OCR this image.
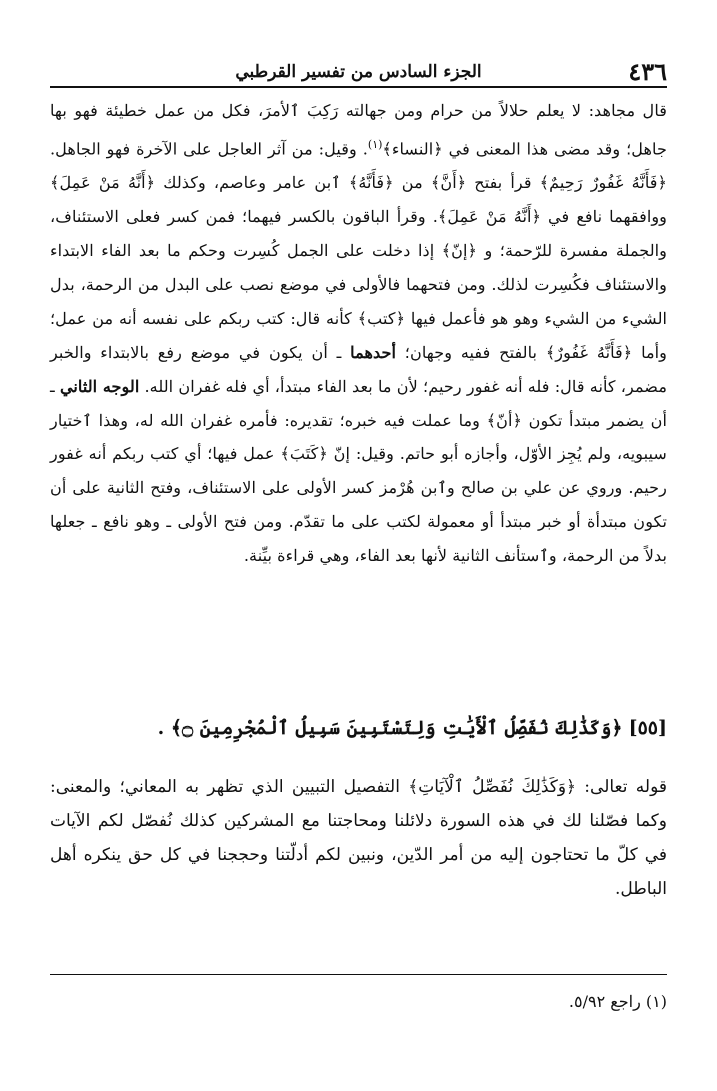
٤٣٦
الجزء السادس من تفسير القرطبي

قال مجاهد: لا يعلم حلالاً من حرام ومن جهالته رَكِبَ ٱلأمرَ، فكل من عمل خطيئة فهو بها جاهل؛ وقد مضى هذا المعنى في ﴿النساء﴾$^{(١)}$. وقيل: من آثر العاجل على الآخرة فهو الجاهل. ﴿فَأَنَّهُ غَفُورٌ رَحِيمٌ﴾ قرأ بفتح ﴿أَنَّ﴾ من ﴿فَأَنَّهُ﴾ ٱبن عامر وعاصم، وكذلك ﴿أَنَّهُ مَنْ عَمِلَ﴾ ووافقهما نافع في ﴿أَنَّهُ مَنْ عَمِلَ﴾. وقرأ الباقون بالكسر فيهما؛ فمن كسر فعلى الاستئناف، والجملة مفسرة للرّحمة؛ و ﴿إنّ﴾ إذا دخلت على الجمل كُسِرت وحكم ما بعد الفاء الابتداء والاستئناف فكُسِرت لذلك. ومن فتحهما فالأولى في موضع نصب على البدل من الرحمة، بدل الشيء من الشيء وهو هو فأعمل فيها ﴿كتب﴾ كأنه قال: كتب ربكم على نفسه أنه من عمل؛ وأما ﴿فَأَنَّهُ غَفُورٌ﴾ بالفتح ففيه وجهان؛ أحدهما ـ أن يكون في موضع رفع بالابتداء والخبر مضمر، كأنه قال: فله أنه غفور رحيم؛ لأن ما بعد الفاء مبتدأ، أي فله غفران الله. الوجه الثاني ـ أن يضمر مبتدأ تكون ﴿أنّ﴾ وما عملت فيه خبره؛ تقديره: فأمره غفران الله له، وهذا ٱختيار سيبويه، ولم يُجِز الأوّل، وأجازه أبو حاتم. وقيل: إنّ ﴿كَتَبَ﴾ عمل فيها؛ أي كتب ربكم أنه غفور رحيم. وروي عن علي بن صالح وٱبن هُرْمز كسر الأولى على الاستئناف، وفتح الثانية على أن تكون مبتدأة أو خبر مبتدأ أو معمولة لكتب على ما تقدّم. ومن فتح الأولى ـ وهو نافع ـ جعلها بدلاً من الرحمة، وٱستأنف الثانية لأنها بعد الفاء، وهي قراءة بيِّنة.

[٥٥] ﴿وَكَذَٰلِكَ نُفَصِّلُ ٱلْأَيَٰتِ وَلِتَسْتَبِينَ سَبِيلُ ٱلْمُجْرِمِينَ ۝﴾ .

قوله تعالى: ﴿وَكَذَٰلِكَ نُفَصِّلُ ٱلْآيَاتِ﴾ التفصيل التبيين الذي تظهر به المعاني؛ والمعنى: وكما فصّلنا لك في هذه السورة دلائلنا ومحاجتنا مع المشركين كذلك نُفصّل لكم الآيات في كلّ ما تحتاجون إليه من أمر الدّين، ونبين لكم أدلّتنا وحججنا في كل حق ينكره أهل الباطل.

(١) راجع ٥/٩٢.
